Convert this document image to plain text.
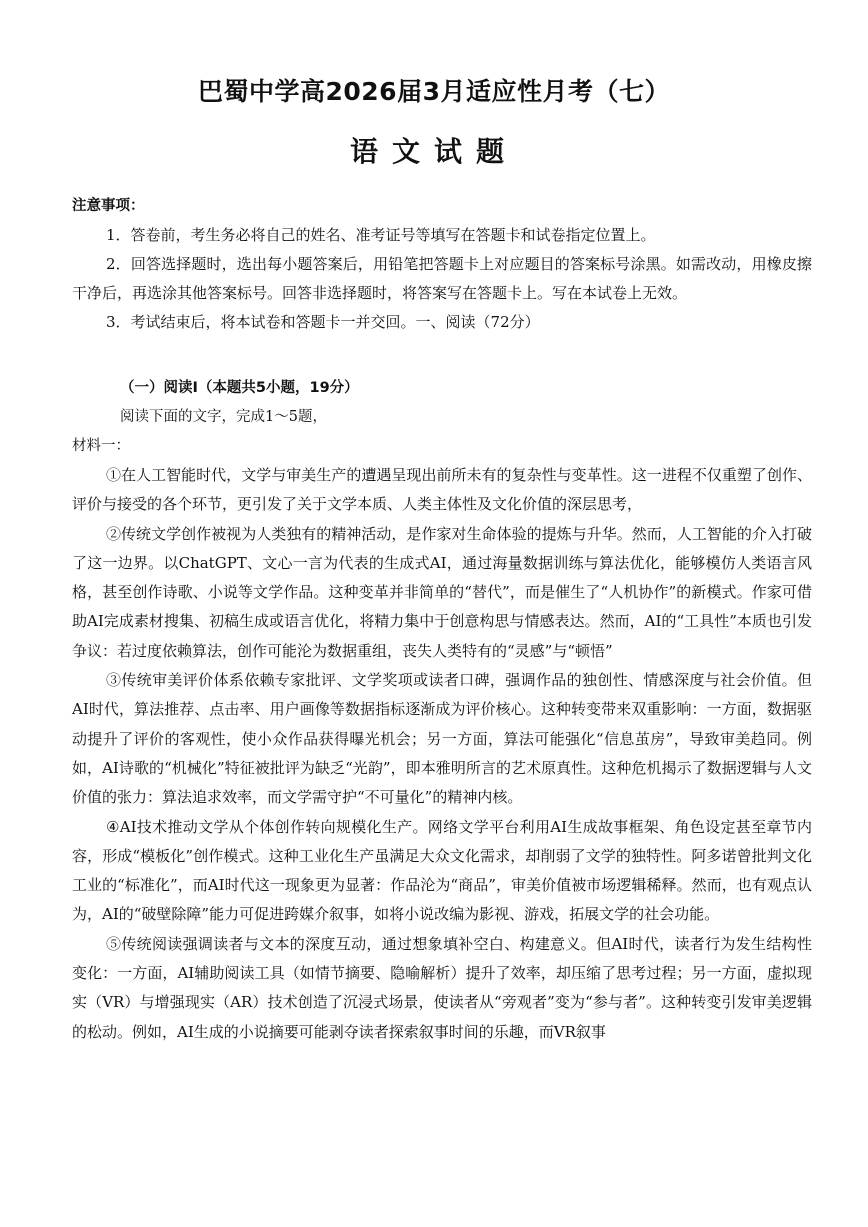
巴蜀中学高2026届3月适应性月考（七）
语文试题
注意事项：

1．答卷前，考生务必将自己的姓名、准考证号等填写在答题卡和试卷指定位置上。

2．回答选择题时，选出每小题答案后，用铅笔把答题卡上对应题目的答案标号涂黑。如需改动，用橡皮擦干净后，再选涂其他答案标号。回答非选择题时，将答案写在答题卡上。写在本试卷上无效。

3．考试结束后，将本试卷和答题卡一并交回。一、阅读（72分）

（一）阅读Ⅰ（本题共5小题，19分）
阅读下面的文字，完成1～5题，
材料一：

①在人工智能时代，文学与审美生产的遭遇呈现出前所未有的复杂性与变革性。这一进程不仅重塑了创作、评价与接受的各个环节，更引发了关于文学本质、人类主体性及文化价值的深层思考，

②传统文学创作被视为人类独有的精神活动，是作家对生命体验的提炼与升华。然而，人工智能的介入打破了这一边界。以ChatGPT、文心一言为代表的生成式AI，通过海量数据训练与算法优化，能够模仿人类语言风格，甚至创作诗歌、小说等文学作品。这种变革并非简单的“替代”，而是催生了“人机协作”的新模式。作家可借助AI完成素材搜集、初稿生成或语言优化，将精力集中于创意构思与情感表达。然而，AI的“工具性”本质也引发争议：若过度依赖算法，创作可能沦为数据重组，丧失人类特有的“灵感”与“顿悟”

③传统审美评价体系依赖专家批评、文学奖项或读者口碑，强调作品的独创性、情感深度与社会价值。但AI时代，算法推荐、点击率、用户画像等数据指标逐渐成为评价核心。这种转变带来双重影响：一方面，数据驱动提升了评价的客观性，使小众作品获得曝光机会；另一方面，算法可能强化“信息茧房”，导致审美趋同。例如，AI诗歌的“机械化”特征被批评为缺乏“光韵”，即本雅明所言的艺术原真性。这种危机揭示了数据逻辑与人文价值的张力：算法追求效率，而文学需守护“不可量化”的精神内核。

④AI技术推动文学从个体创作转向规模化生产。网络文学平台利用AI生成故事框架、角色设定甚至章节内容，形成“模板化”创作模式。这种工业化生产虽满足大众文化需求，却削弱了文学的独特性。阿多诺曾批判文化工业的“标准化”，而AI时代这一现象更为显著：作品沦为“商品”，审美价值被市场逻辑稀释。然而，也有观点认为，AI的“破壁除障”能力可促进跨媒介叙事，如将小说改编为影视、游戏，拓展文学的社会功能。

⑤传统阅读强调读者与文本的深度互动，通过想象填补空白、构建意义。但AI时代，读者行为发生结构性变化：一方面，AI辅助阅读工具（如情节摘要、隐喻解析）提升了效率，却压缩了思考过程；另一方面，虚拟现实（VR）与增强现实（AR）技术创造了沉浸式场景，使读者从“旁观者”变为“参与者”。这种转变引发审美逻辑的松动。例如，AI生成的小说摘要可能剥夺读者探索叙事时间的乐趣，而VR叙事
